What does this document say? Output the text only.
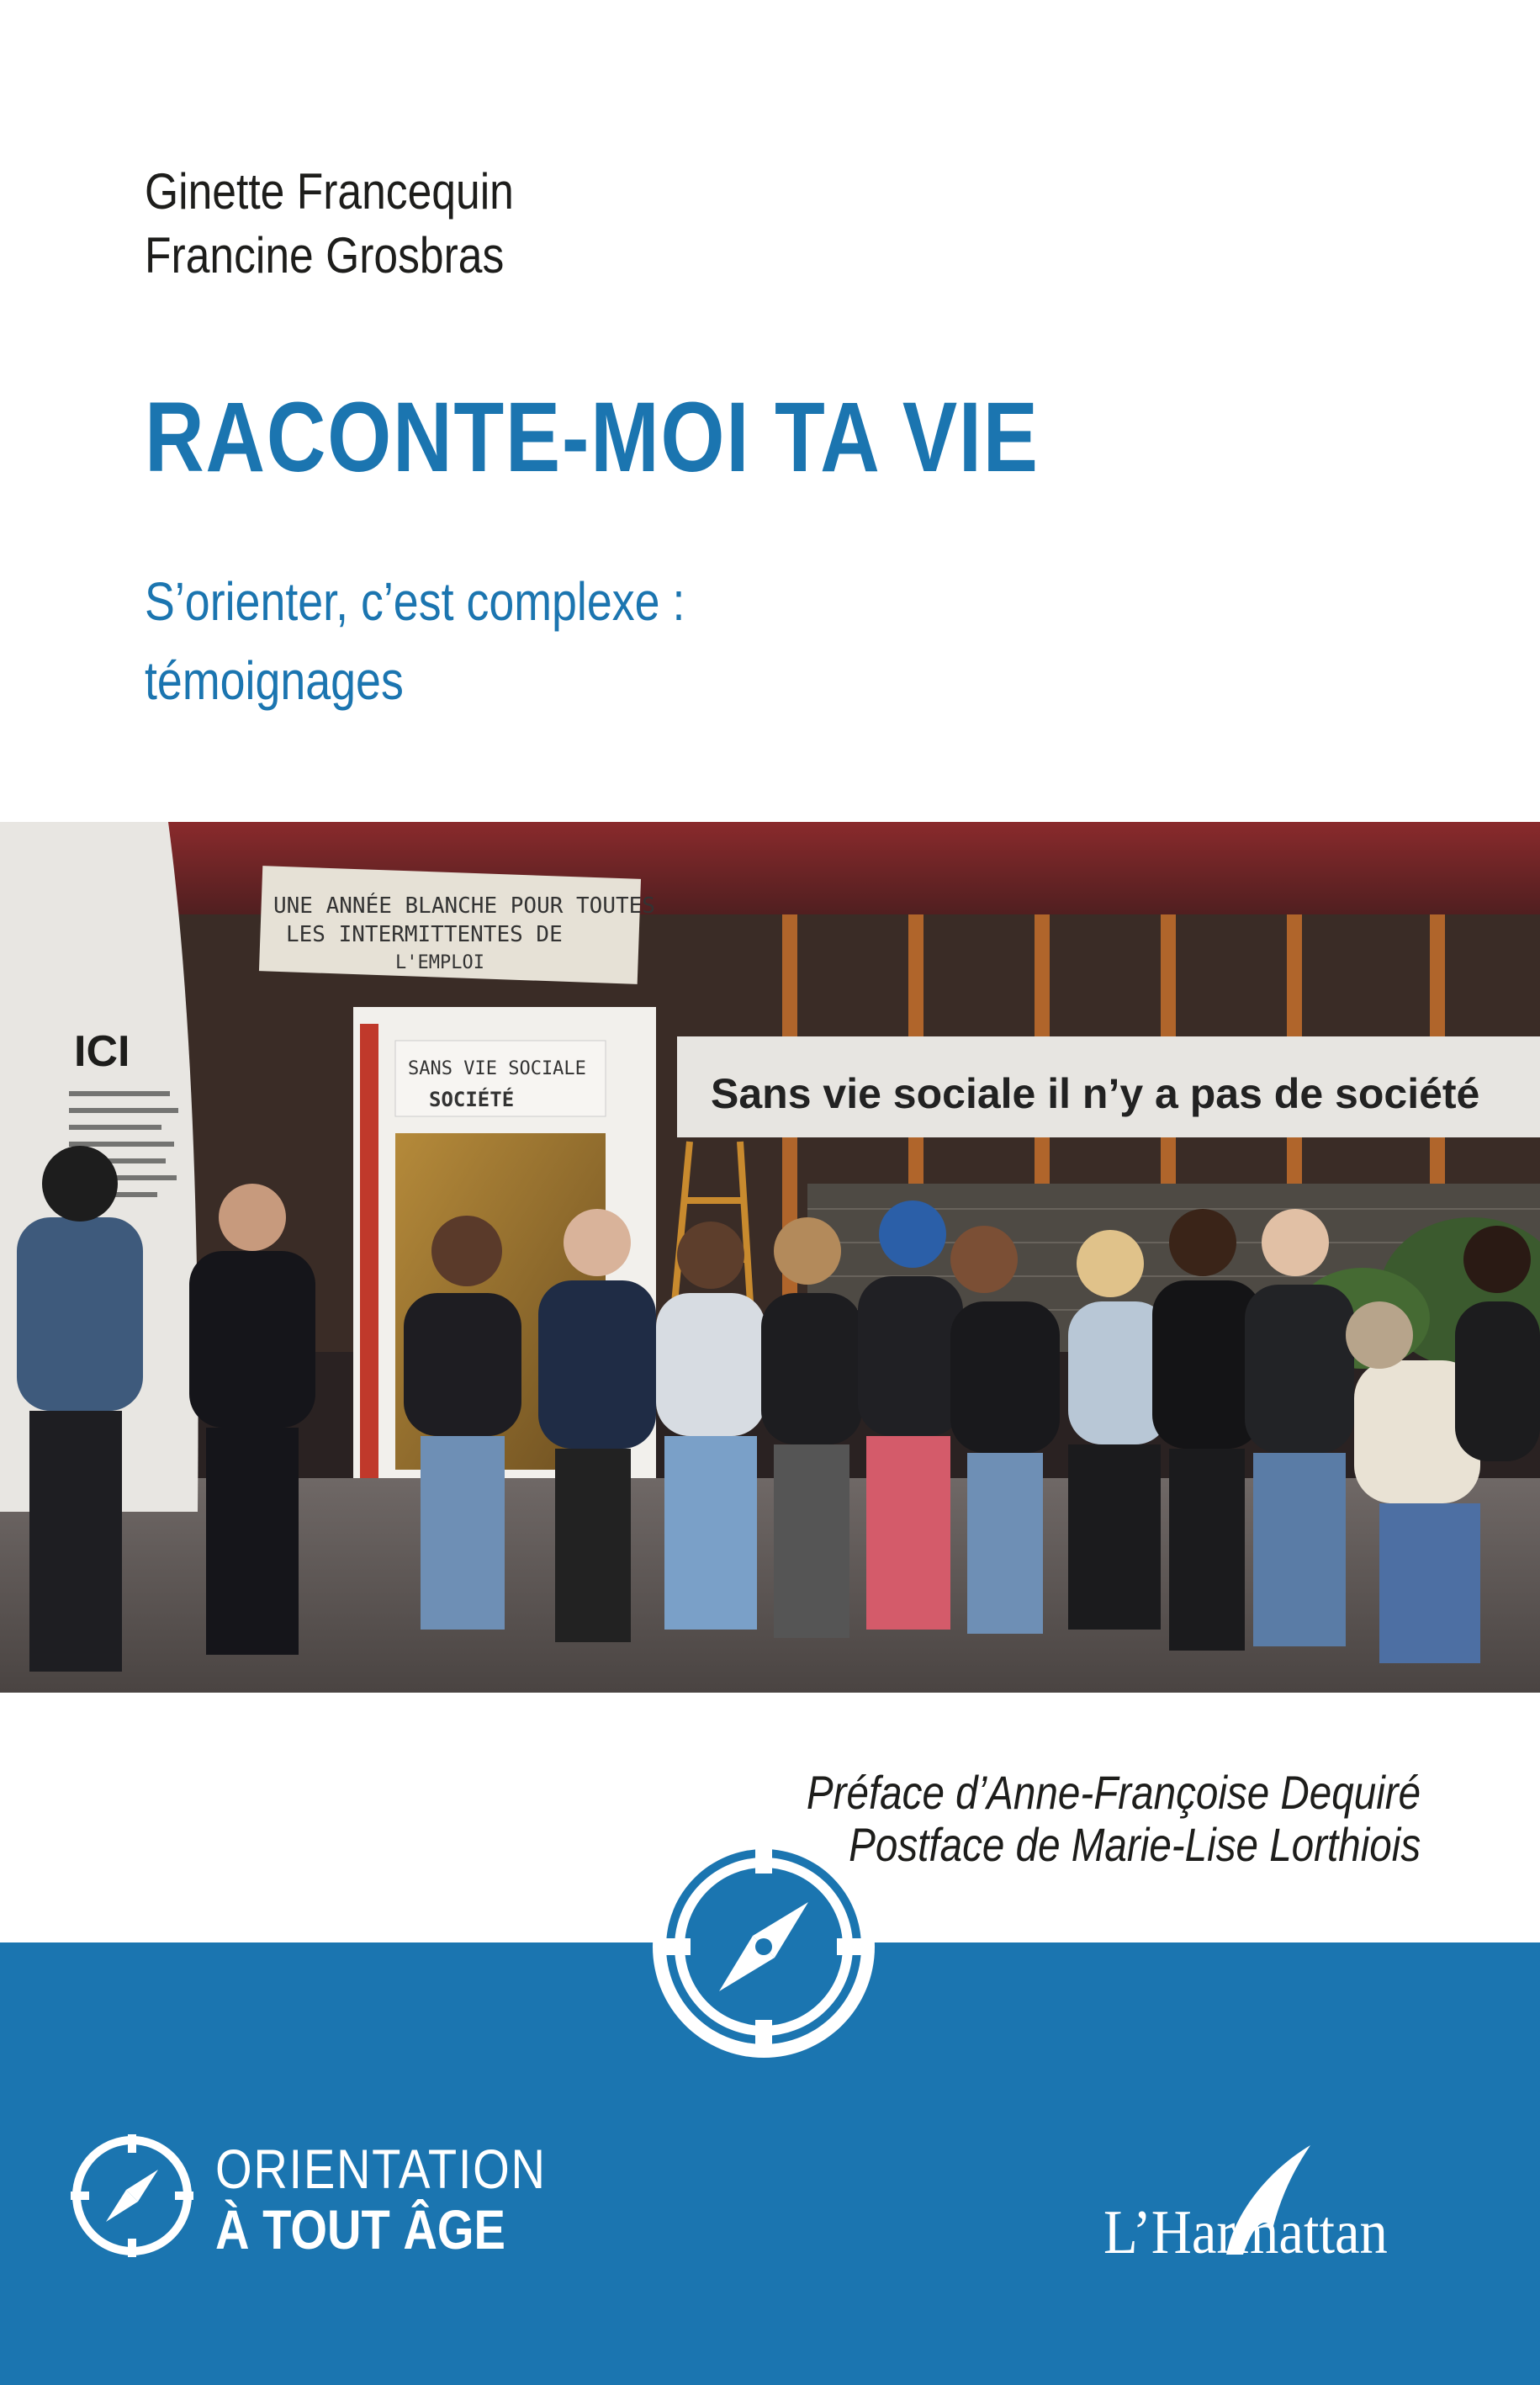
Ginette Francequin
Francine Grosbras
RACONTE-MOI TA VIE
S’orienter, c’est complexe :
témoignages
ICI
UNE ANNÉE BLANCHE POUR TOUTES
LES INTERMITTENTES DE
L'EMPLOI
SANS VIE SOCIALE
SOCIÉTÉ	Sans vie sociale il n’y a pas de société
Préface d’Anne-Françoise Dequiré
Postface de Marie-Lise Lorthiois
ORIENTATION
À TOUT ÂGE	L’Harmattan
